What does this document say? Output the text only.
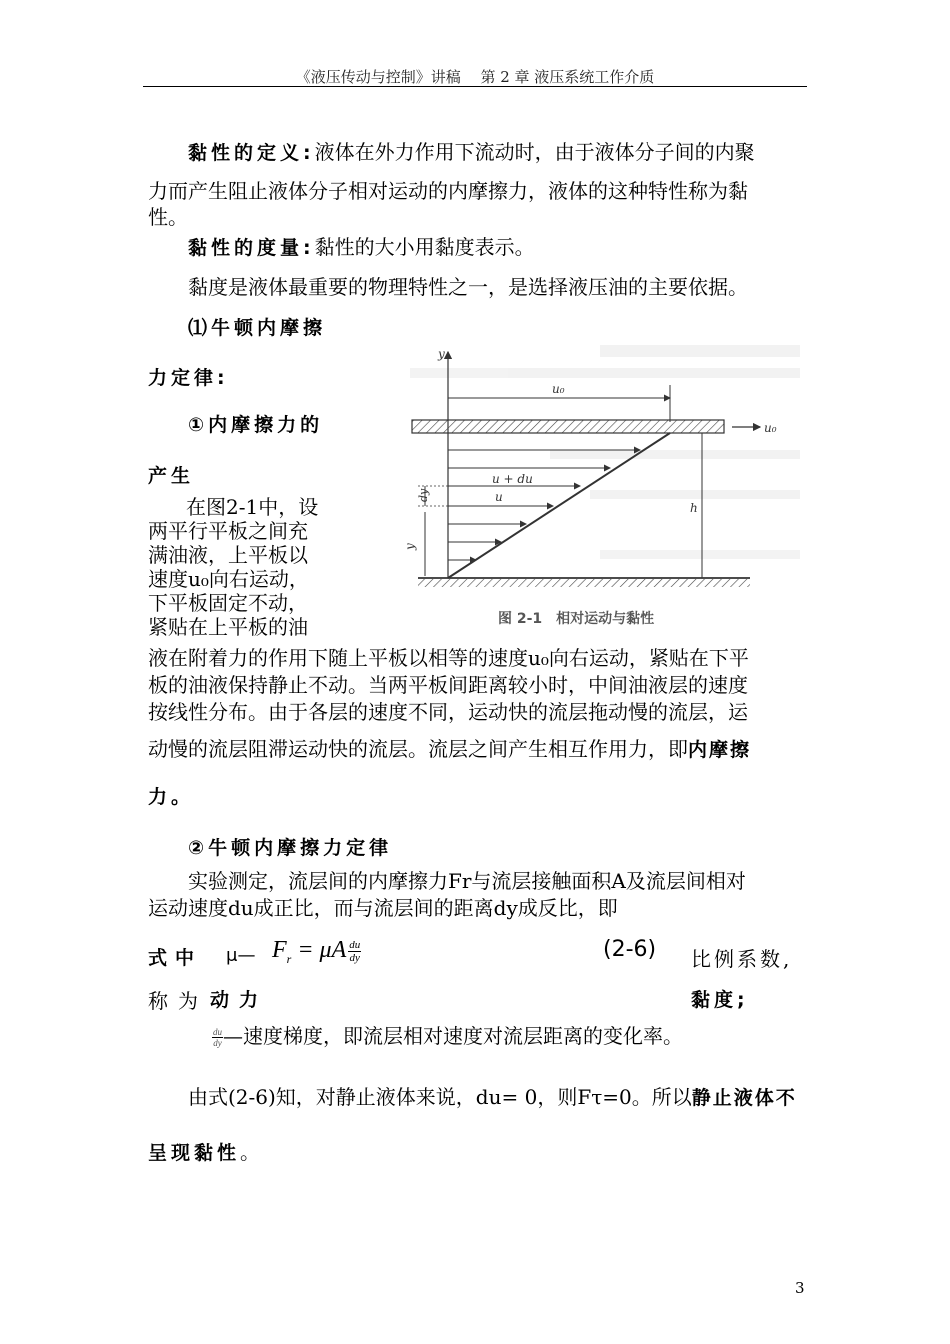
《液压传动与控制》讲稿　 第 2 章 液压系统工作介质
黏性的定义:液体在外力作用下流动时，由于液体分子间的内聚
力而产生阻止液体分子相对运动的内摩擦力，液体的这种特性称为黏
性。
黏性的度量:黏性的大小用黏度表示。
黏度是液体最重要的物理特性之一，是选择液压油的主要依据。
⑴牛顿内摩擦
力定律:
①内摩擦力的
产生
在图2-1中，设
两平行平板之间充
满油液，上平板以
速度u₀向右运动，
下平板固定不动，
紧贴在上平板的油
y
u₀
u₀
u + du
u
dy
y
h
图 2-1　相对运动与黏性
液在附着力的作用下随上平板以相等的速度u₀向右运动，紧贴在下平
板的油液保持静止不动。当两平板间距离较小时，中间油液层的速度
按线性分布。由于各层的速度不同，运动快的流层拖动慢的流层，运
动慢的流层阻滞运动快的流层。流层之间产生相互作用力，即内摩擦
力。
②牛顿内摩擦力定律
实验测定，流层间的内摩擦力Fr与流层接触面积A及流层间相对
运动速度du成正比，而与流层间的距离dy成反比，即
式中 μ— $F_r = \mu A \frac{du}{dy}$	(2-6) 比例系数,
称为 动力	黏度;
$\frac{du}{dy}$ —速度梯度，即流层相对速度对流层距离的变化率。
由式(2-6)知，对静止液体来说，du= 0，则Fτ=0。所以静止液体不
呈现黏性。
3
